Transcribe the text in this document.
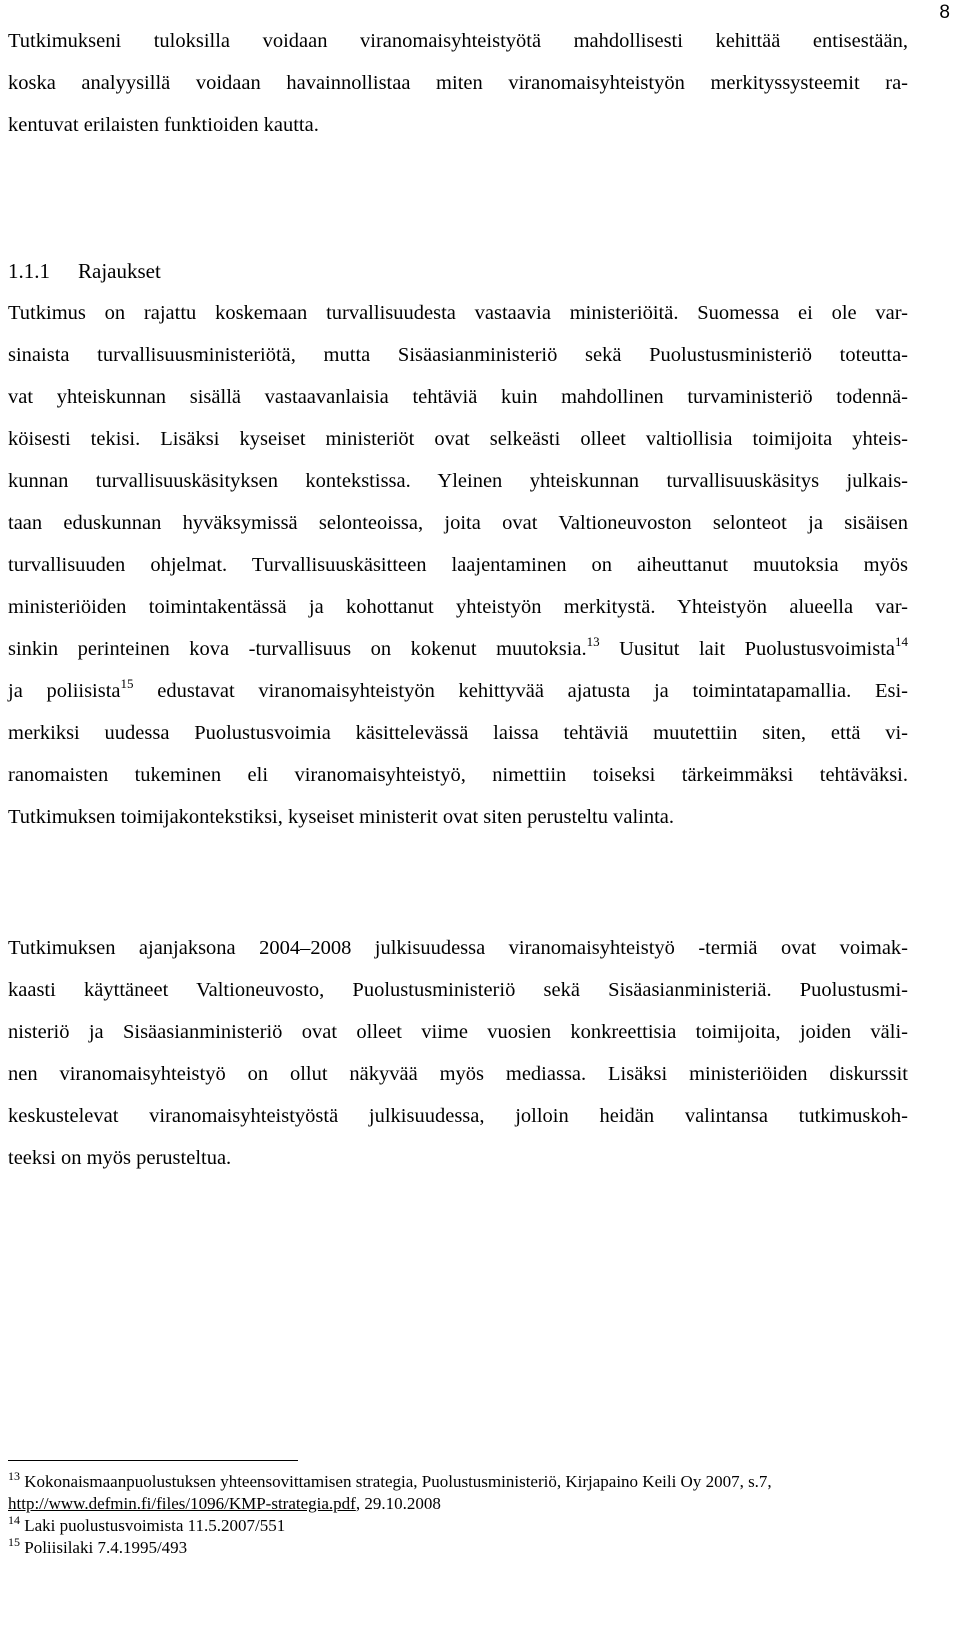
8

Tutkimukseni tuloksilla voidaan viranomaisyhteistyötä mahdollisesti kehittää entisestään,
koska analyysillä voidaan havainnollistaa miten viranomaisyhteistyön merkityssysteemit ra-
kentuvat erilaisten funktioiden kautta.

1.1.1 Rajaukset

Tutkimus on rajattu koskemaan turvallisuudesta vastaavia ministeriöitä. Suomessa ei ole var-
sinaista turvallisuusministeriötä, mutta Sisäasianministeriö sekä Puolustusministeriö toteutta-
vat yhteiskunnan sisällä vastaavanlaisia tehtäviä kuin mahdollinen turvaministeriö todennä-
köisesti tekisi. Lisäksi kyseiset ministeriöt ovat selkeästi olleet valtiollisia toimijoita yhteis-
kunnan turvallisuuskäsityksen kontekstissa. Yleinen yhteiskunnan turvallisuuskäsitys julkais-
taan eduskunnan hyväksymissä selonteoissa, joita ovat Valtioneuvoston selonteot ja sisäisen
turvallisuuden ohjelmat. Turvallisuuskäsitteen laajentaminen on aiheuttanut muutoksia myös
ministeriöiden toimintakentässä ja kohottanut yhteistyön merkitystä. Yhteistyön alueella var-
sinkin perinteinen kova -turvallisuus on kokenut muutoksia.$^{13}$ Uusitut lait Puolustusvoimista$^{14}$
ja poliisista$^{15}$ edustavat viranomaisyhteistyön kehittyvää ajatusta ja toimintatapamallia. Esi-
merkiksi uudessa Puolustusvoimia käsittelevässä laissa tehtäviä muutettiin siten, että vi-
ranomaisten tukeminen eli viranomaisyhteistyö, nimettiin toiseksi tärkeimmäksi tehtäväksi.
Tutkimuksen toimijakontekstiksi, kyseiset ministerit ovat siten perusteltu valinta.

Tutkimuksen ajanjaksona 2004–2008 julkisuudessa viranomaisyhteistyö -termiä ovat voimak-
kaasti käyttäneet Valtioneuvosto, Puolustusministeriö sekä Sisäasianministeriä. Puolustusmi-
nisteriö ja Sisäasianministeriö ovat olleet viime vuosien konkreettisia toimijoita, joiden väli-
nen viranomaisyhteistyö on ollut näkyvää myös mediassa. Lisäksi ministeriöiden diskurssit
keskustelevat viranomaisyhteistyöstä julkisuudessa, jolloin heidän valintansa tutkimuskoh-
teeksi on myös perusteltua.

$^{13}$ Kokonaismaanpuolustuksen yhteensovittamisen strategia, Puolustusministeriö, Kirjapaino Keili Oy 2007, s.7,
http://www.defmin.fi/files/1096/KMP-strategia.pdf, 29.10.2008
$^{14}$ Laki puolustusvoimista 11.5.2007/551
$^{15}$ Poliisilaki 7.4.1995/493
